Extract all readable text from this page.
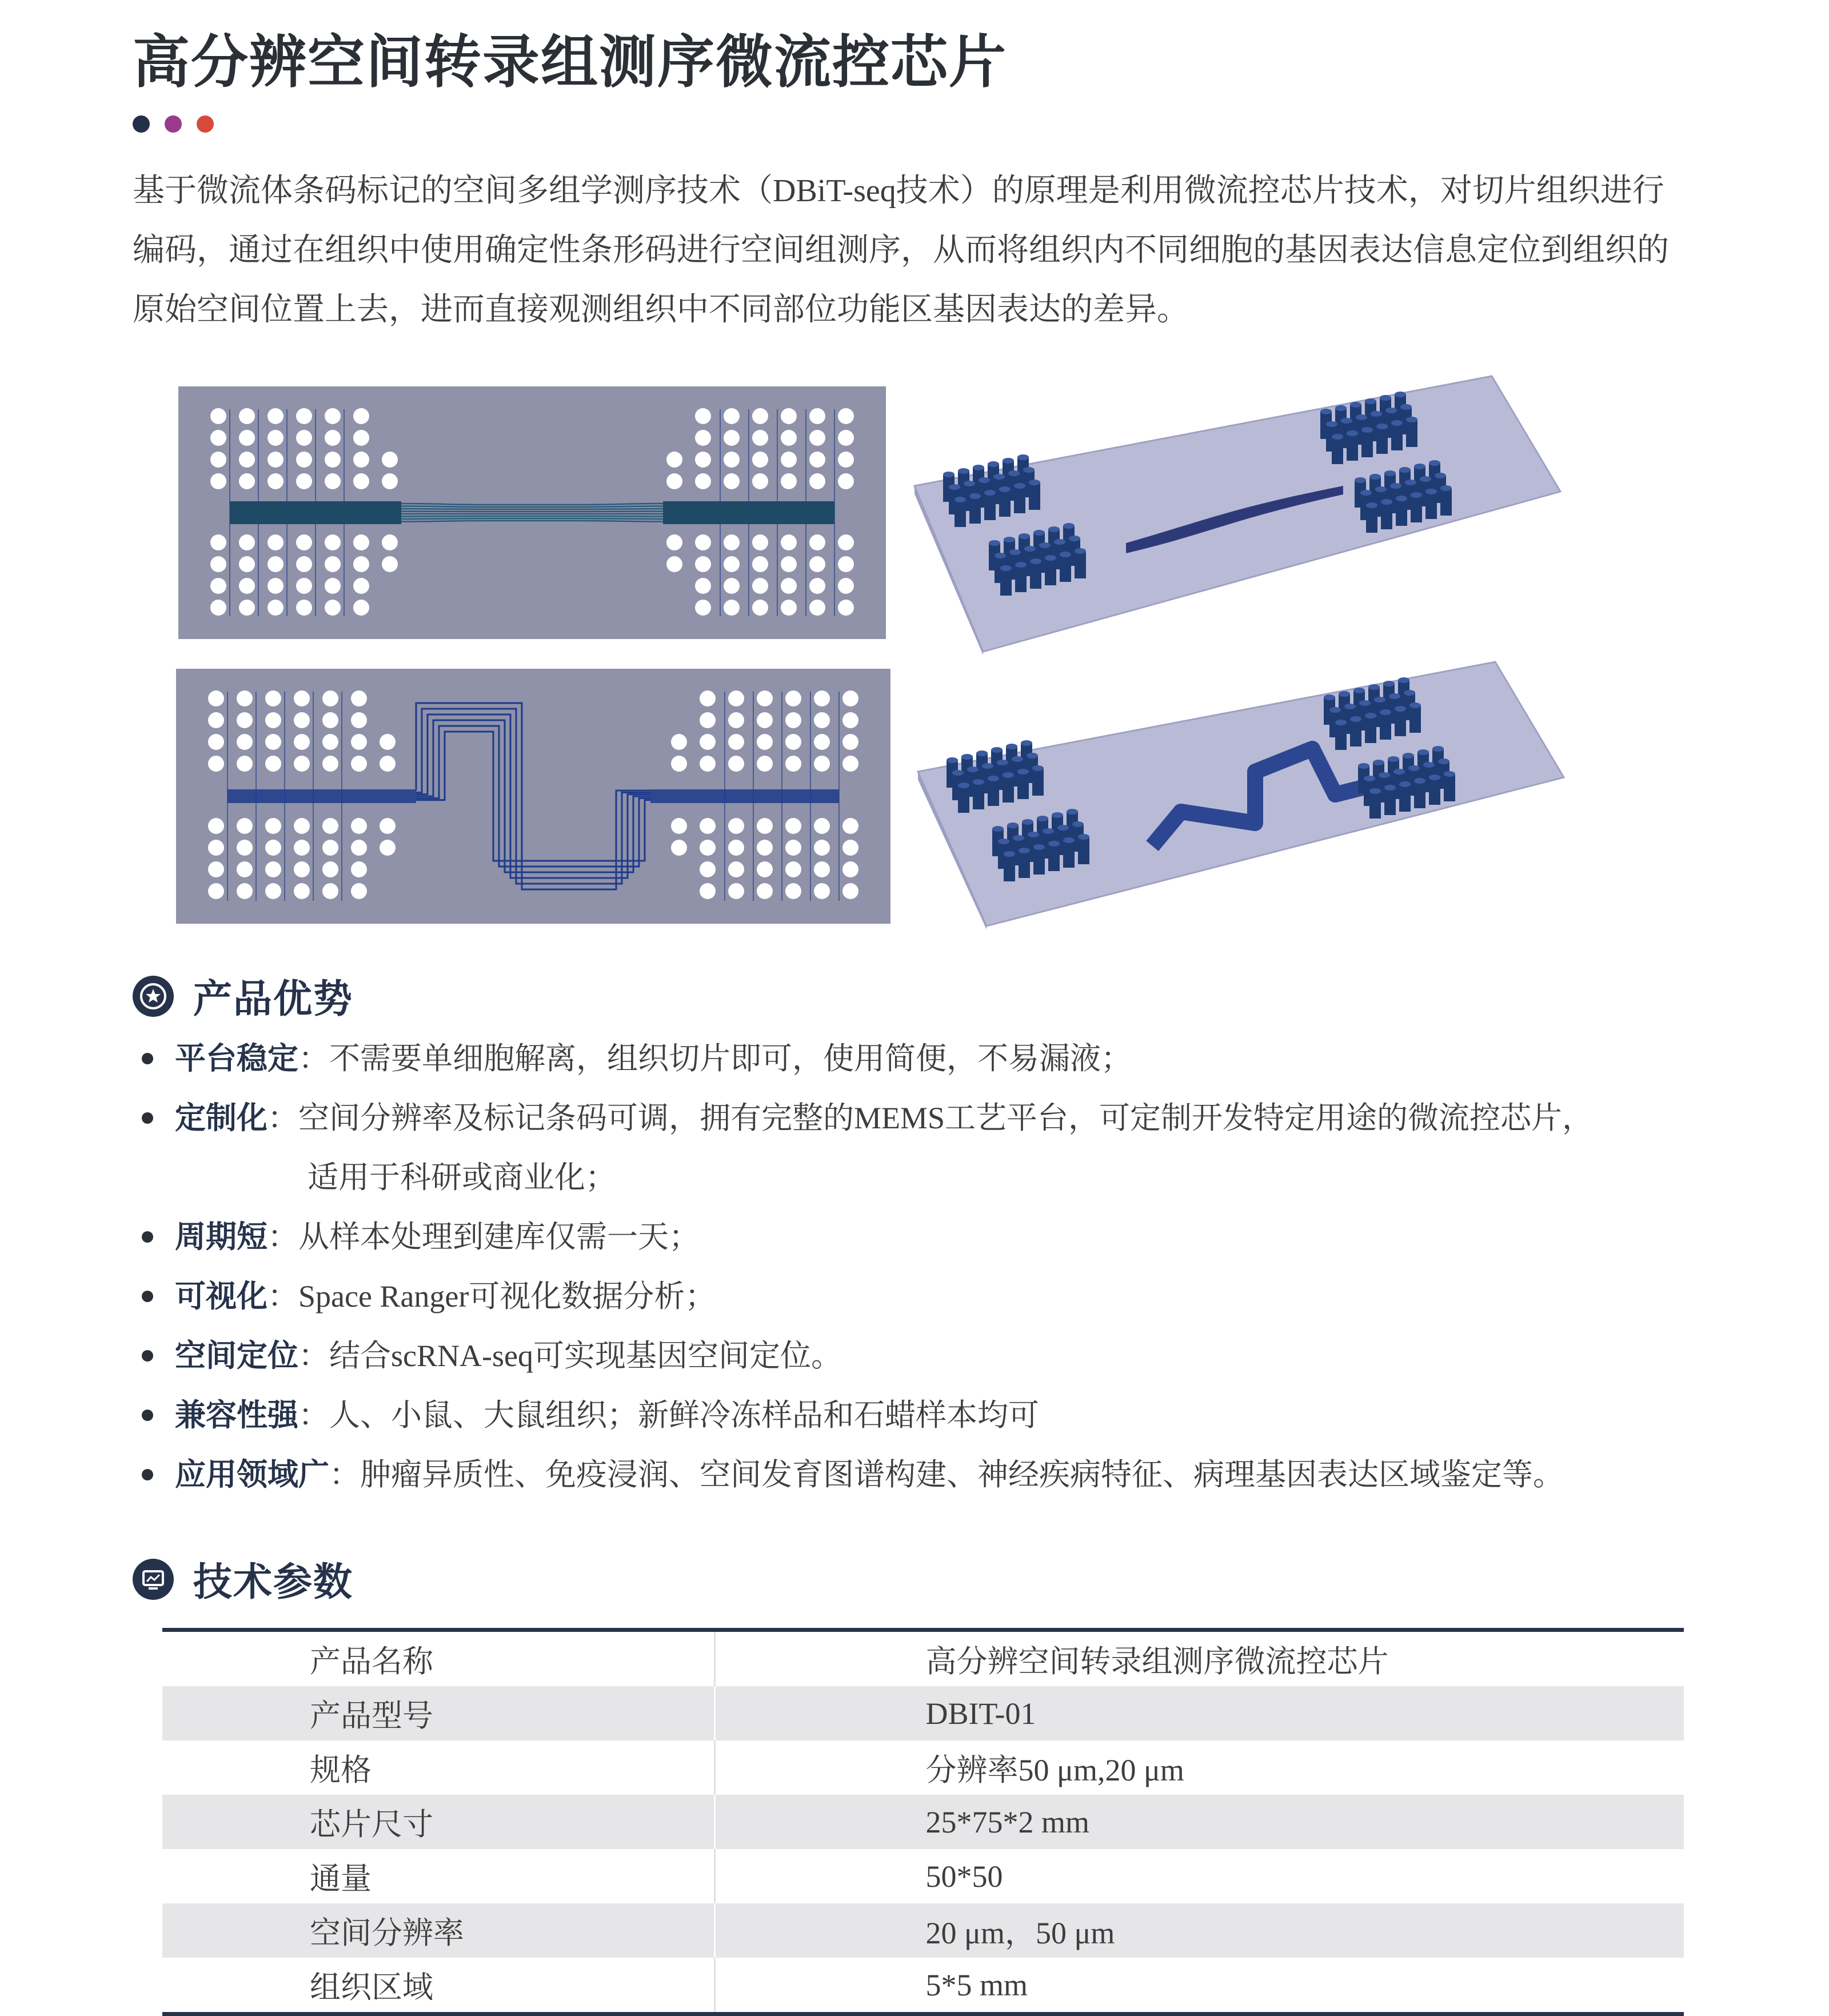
高分辨空间转录组测序微流控芯片

基于微流体条码标记的空间多组学测序技术（DBiT-seq技术）的原理是利用微流控芯片技术，对切片组织进行编码，通过在组织中使用确定性条形码进行空间组测序，从而将组织内不同细胞的基因表达信息定位到组织的原始空间位置上去，进而直接观测组织中不同部位功能区基因表达的差异。

产品优势
平台稳定：不需要单细胞解离，组织切片即可，使用简便，不易漏液；
定制化：空间分辨率及标记条码可调，拥有完整的MEMS工艺平台，可定制开发特定用途的微流控芯片，
适用于科研或商业化；
周期短：从样本处理到建库仅需一天；
可视化：Space Ranger可视化数据分析；
空间定位：结合scRNA-seq可实现基因空间定位。
兼容性强：人、小鼠、大鼠组织；新鲜冷冻样品和石蜡样本均可
应用领域广：肿瘤异质性、免疫浸润、空间发育图谱构建、神经疾病特征、病理基因表达区域鉴定等。
技术参数
产品名称	高分辨空间转录组测序微流控芯片
产品型号	DBIT-01
规格	分辨率50 μm,20 μm
芯片尺寸	25*75*2 mm
通量	50*50
空间分辨率	20 μm，50 μm
组织区域	5*5 mm
